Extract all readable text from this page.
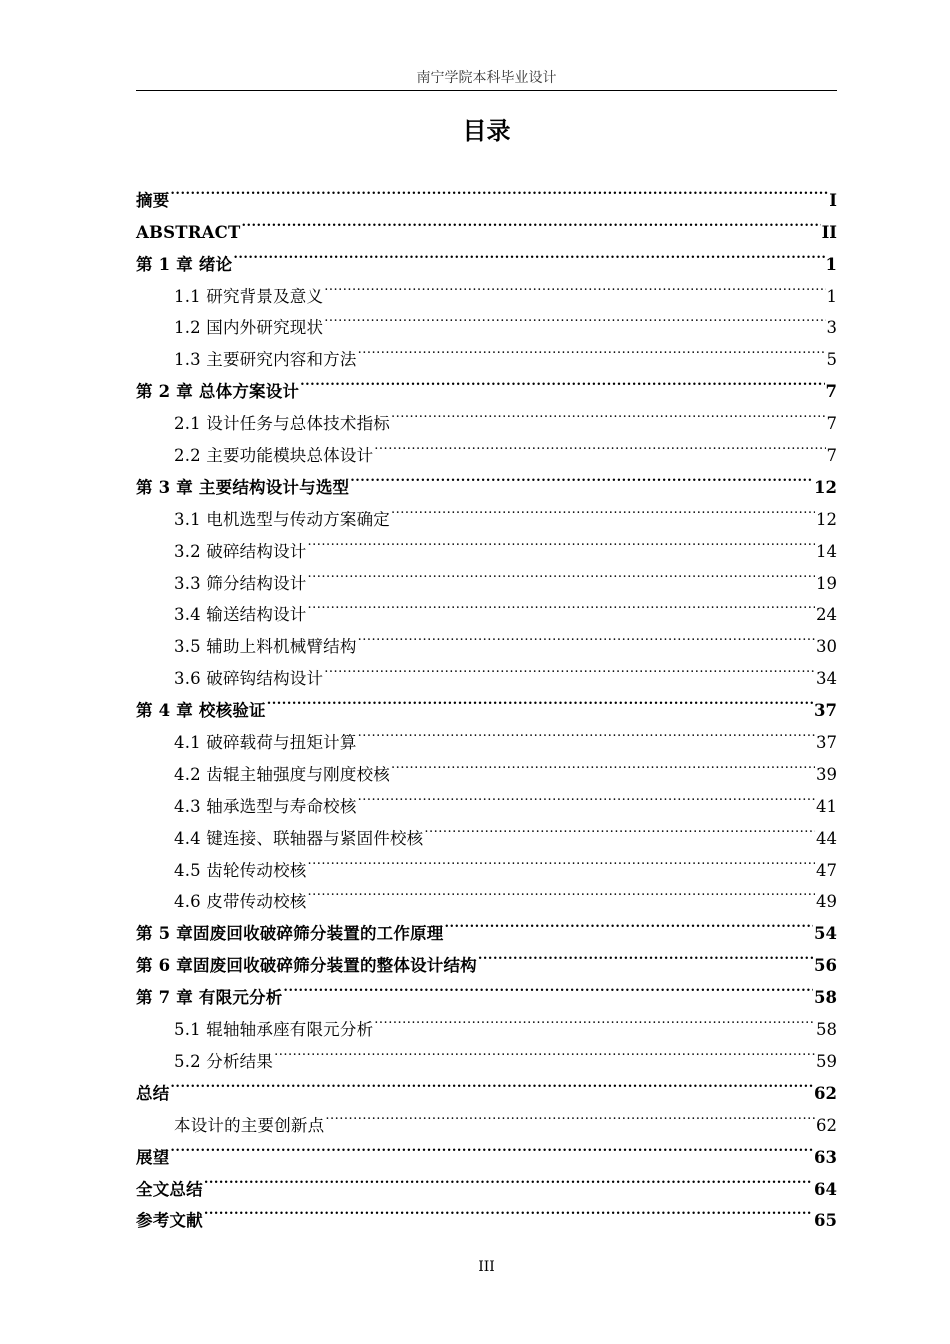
南宁学院本科毕业设计
目录
摘要 .....	I
ABSTRACT .....	II
第 1 章 绪论 .....	1
1.1 研究背景及意义 .....	1
1.2 国内外研究现状 .....	3
1.3 主要研究内容和方法 .....	5
第 2 章 总体方案设计 .....	7
2.1 设计任务与总体技术指标 .....	7
2.2 主要功能模块总体设计 .....	7
第 3 章 主要结构设计与选型 .....	12
3.1 电机选型与传动方案确定 .....	12
3.2 破碎结构设计 .....	14
3.3 筛分结构设计 .....	19
3.4 输送结构设计 .....	24
3.5 辅助上料机械臂结构 .....	30
3.6 破碎钩结构设计 .....	34
第 4 章 校核验证 .....	37
4.1 破碎载荷与扭矩计算 .....	37
4.2 齿辊主轴强度与刚度校核 .....	39
4.3 轴承选型与寿命校核 .....	41
4.4 键连接、联轴器与紧固件校核 .....	44
4.5 齿轮传动校核 .....	47
4.6 皮带传动校核 .....	49
第 5 章固废回收破碎筛分装置的工作原理 .....	54
第 6 章固废回收破碎筛分装置的整体设计结构 .....	56
第 7 章 有限元分析 .....	58
5.1 辊轴轴承座有限元分析 .....	58
5.2 分析结果 .....	59
总结 .....	62
本设计的主要创新点 .....	62
展望 .....	63
全文总结 .....	64
参考文献 .....	65
III
